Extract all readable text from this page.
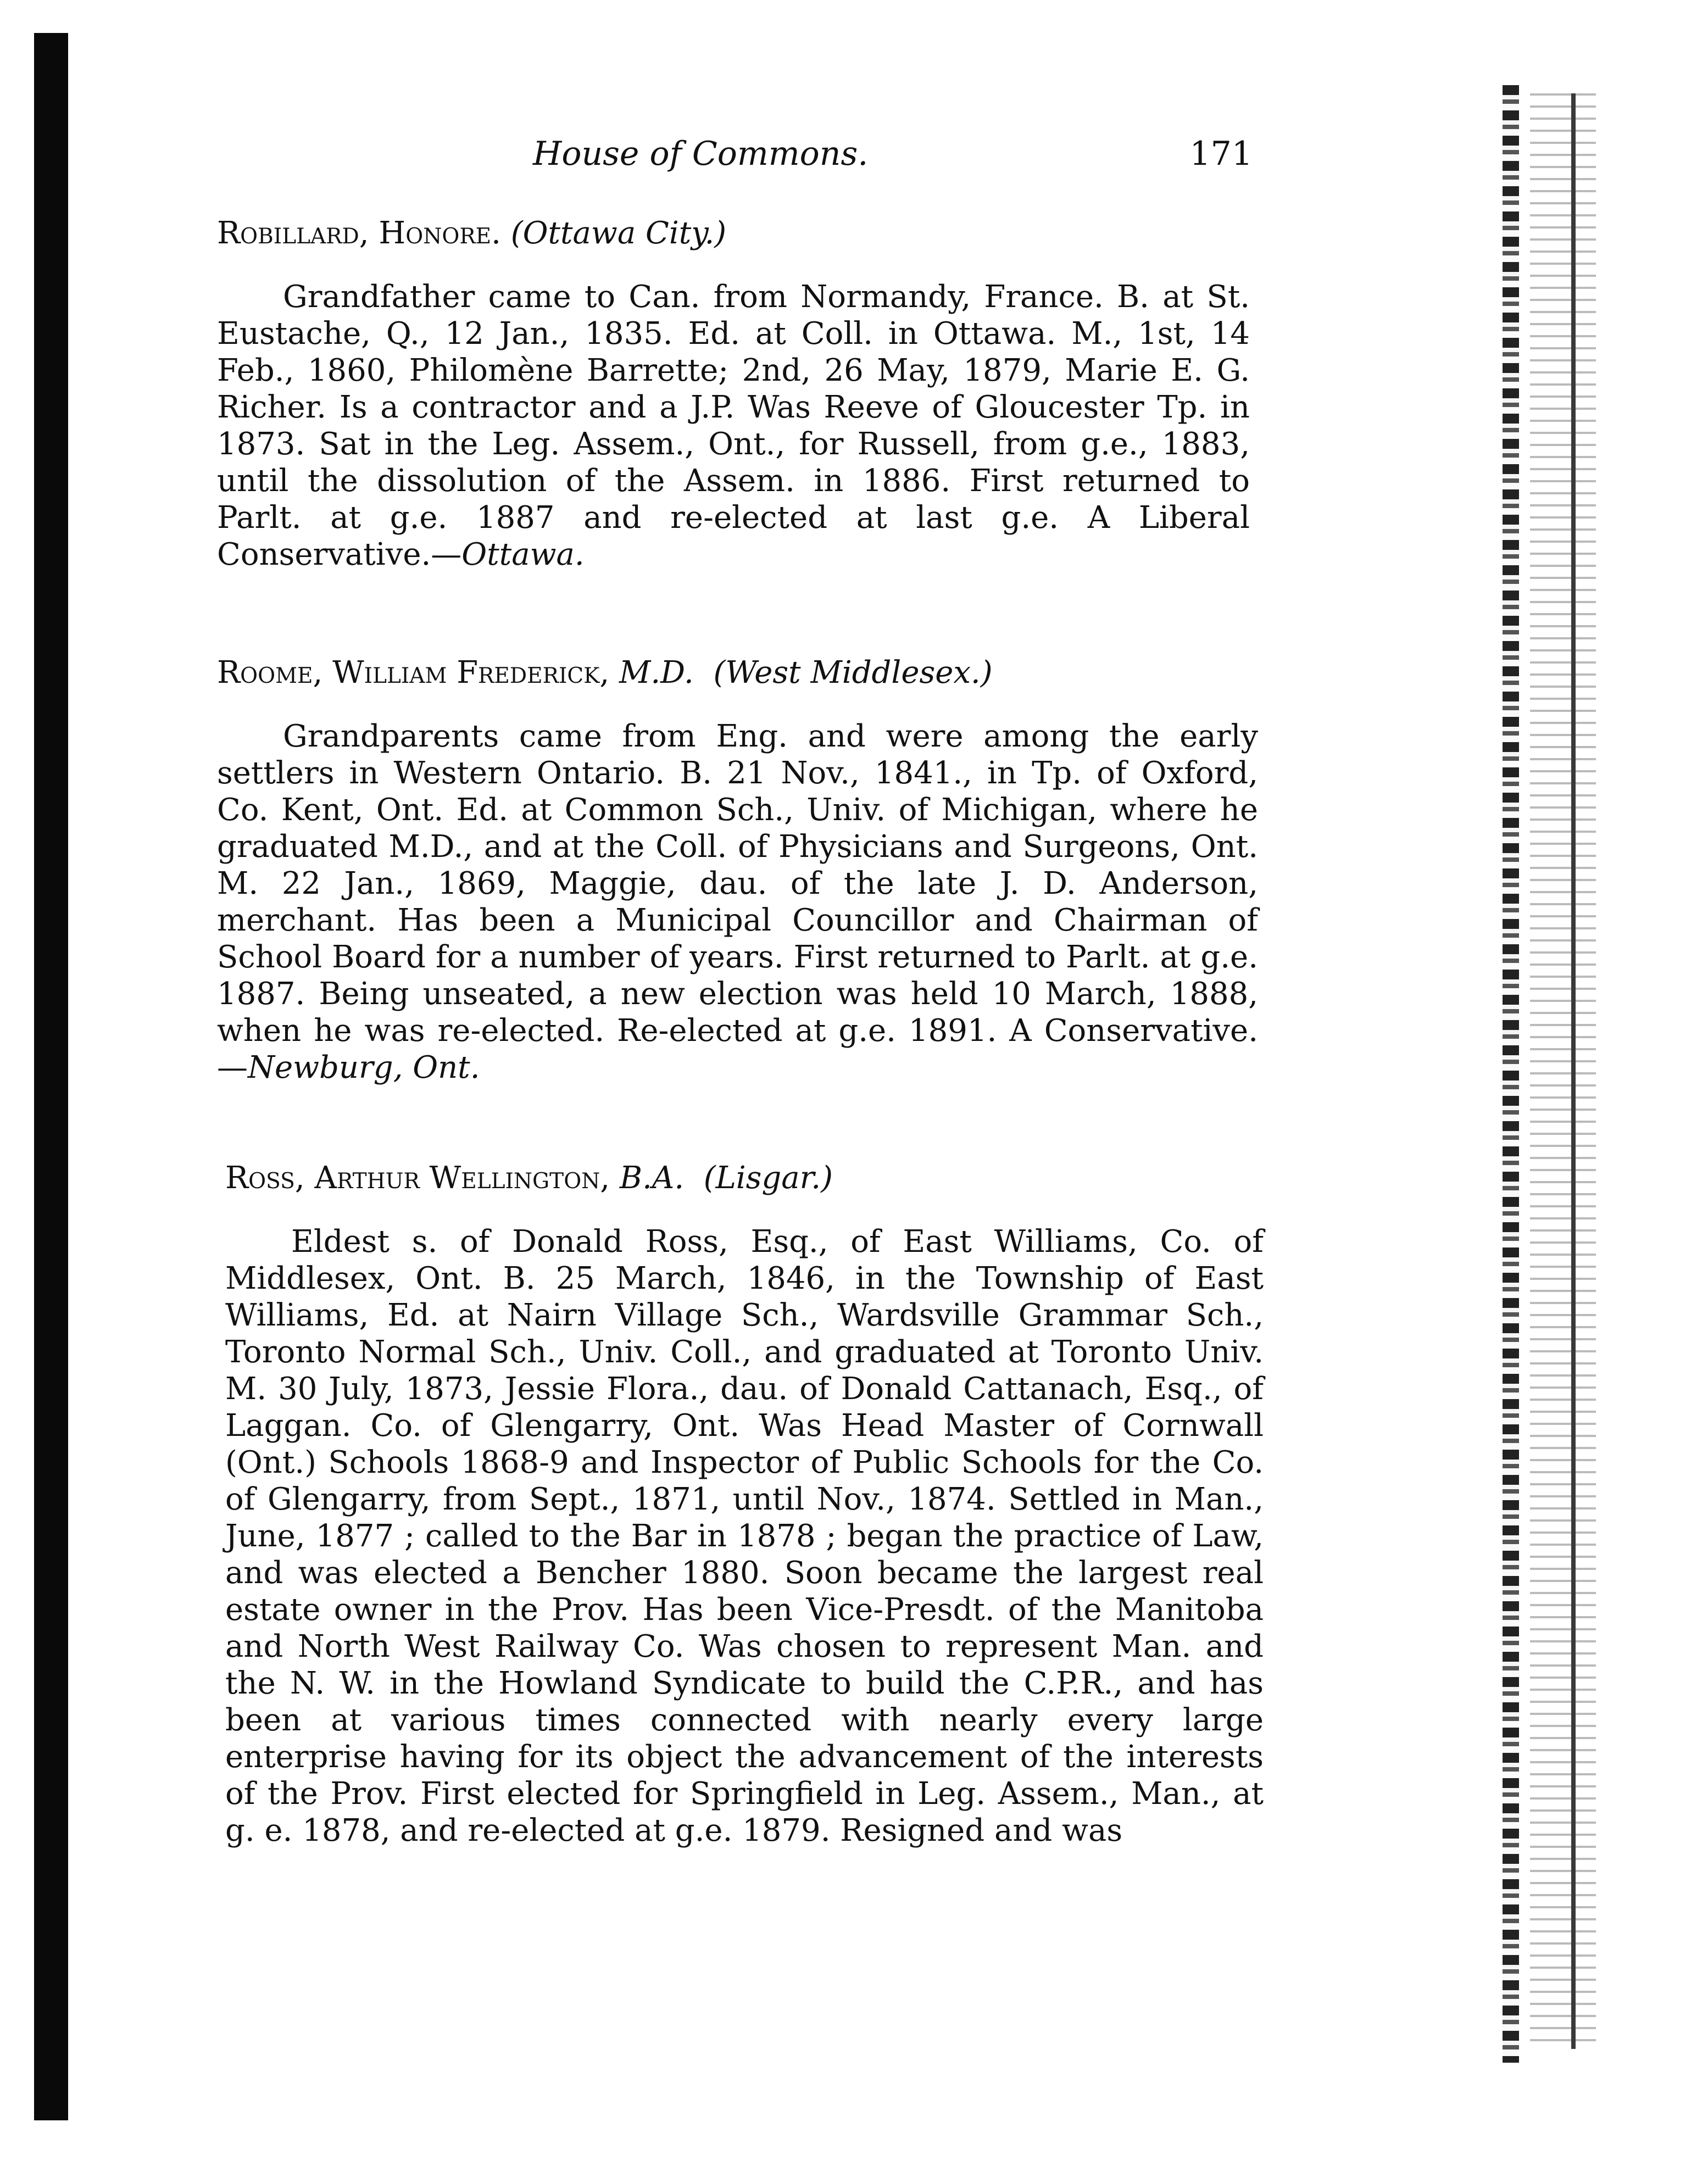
House of Commons.	171

Robillard, Honore. (Ottawa City.)

Grandfather came to Can. from Normandy, France. B. at St. Eustache, Q., 12 Jan., 1835. Ed. at Coll. in Ottawa. M., 1st, 14 Feb., 1860, Philomène Barrette; 2nd, 26 May, 1879, Marie E. G. Richer. Is a contractor and a J.P. Was Reeve of Gloucester Tp. in 1873. Sat in the Leg. Assem., Ont., for Russell, from g.e., 1883, until the dissolution of the Assem. in 1886. First returned to Parlt. at g.e. 1887 and re-elected at last g.e. A Liberal Conservative.—Ottawa.

Roome, William Frederick, M.D. (West Middlesex.)

Grandparents came from Eng. and were among the early settlers in Western Ontario. B. 21 Nov., 1841., in Tp. of Oxford, Co. Kent, Ont. Ed. at Common Sch., Univ. of Michigan, where he graduated M.D., and at the Coll. of Physicians and Surgeons, Ont. M. 22 Jan., 1869, Maggie, dau. of the late J. D. Anderson, merchant. Has been a Municipal Councillor and Chairman of School Board for a number of years. First returned to Parlt. at g.e. 1887. Being unseated, a new election was held 10 March, 1888, when he was re-elected. Re-elected at g.e. 1891. A Conservative.—Newburg, Ont.

Ross, Arthur Wellington, B.A. (Lisgar.)

Eldest s. of Donald Ross, Esq., of East Williams, Co. of Middlesex, Ont. B. 25 March, 1846, in the Township of East Williams, Ed. at Nairn Village Sch., Wardsville Grammar Sch., Toronto Normal Sch., Univ. Coll., and graduated at Toronto Univ. M. 30 July, 1873, Jessie Flora., dau. of Donald Cattanach, Esq., of Laggan. Co. of Glengarry, Ont. Was Head Master of Cornwall (Ont.) Schools 1868-9 and Inspector of Public Schools for the Co. of Glengarry, from Sept., 1871, until Nov., 1874. Settled in Man., June, 1877 ; called to the Bar in 1878 ; began the practice of Law, and was elected a Bencher 1880. Soon became the largest real estate owner in the Prov. Has been Vice-Presdt. of the Manitoba and North West Railway Co. Was chosen to represent Man. and the N. W. in the Howland Syndicate to build the C.P.R., and has been at various times connected with nearly every large enterprise having for its object the advancement of the interests of the Prov. First elected for Springfield in Leg. Assem., Man., at g. e. 1878, and re-elected at g.e. 1879. Resigned and was
